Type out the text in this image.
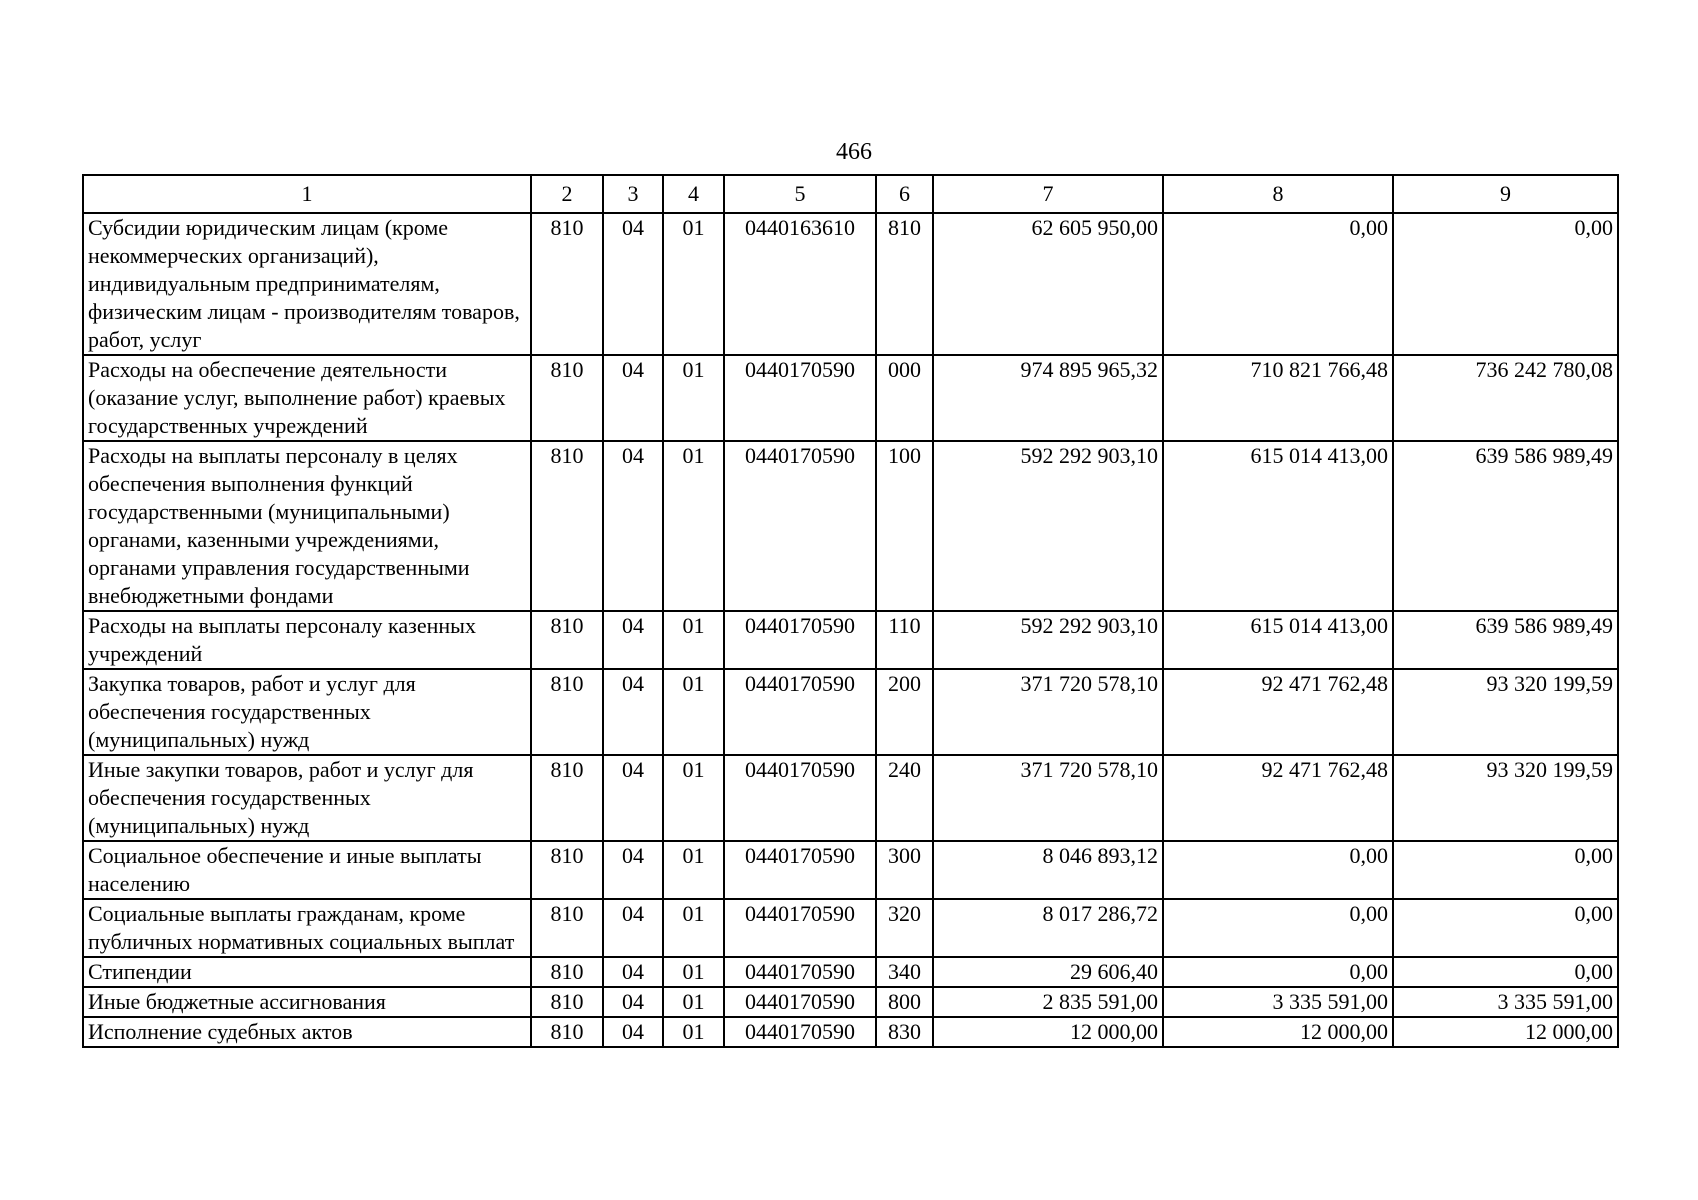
466
1	2	3	4	5	6	7	8	9
Субсидии юридическим лицам (кроме некоммерческих организаций), индивидуальным предпринимателям, физическим лицам - производителям товаров, работ, услуг	810	04	01	0440163610	810	62 605 950,00	0,00	0,00
Расходы на обеспечение деятельности (оказание услуг, выполнение работ) краевых государственных учреждений	810	04	01	0440170590	000	974 895 965,32	710 821 766,48	736 242 780,08
Расходы на выплаты персоналу в целях обеспечения выполнения функций государственными (муниципальными) органами, казенными учреждениями, органами управления государственными внебюджетными фондами	810	04	01	0440170590	100	592 292 903,10	615 014 413,00	639 586 989,49
Расходы на выплаты персоналу казенных учреждений	810	04	01	0440170590	110	592 292 903,10	615 014 413,00	639 586 989,49
Закупка товаров, работ и услуг для обеспечения государственных (муниципальных) нужд	810	04	01	0440170590	200	371 720 578,10	92 471 762,48	93 320 199,59
Иные закупки товаров, работ и услуг для обеспечения государственных (муниципальных) нужд	810	04	01	0440170590	240	371 720 578,10	92 471 762,48	93 320 199,59
Социальное обеспечение и иные выплаты населению	810	04	01	0440170590	300	8 046 893,12	0,00	0,00
Социальные выплаты гражданам, кроме публичных нормативных социальных выплат	810	04	01	0440170590	320	8 017 286,72	0,00	0,00
Стипендии	810	04	01	0440170590	340	29 606,40	0,00	0,00
Иные бюджетные ассигнования	810	04	01	0440170590	800	2 835 591,00	3 335 591,00	3 335 591,00
Исполнение судебных актов	810	04	01	0440170590	830	12 000,00	12 000,00	12 000,00
